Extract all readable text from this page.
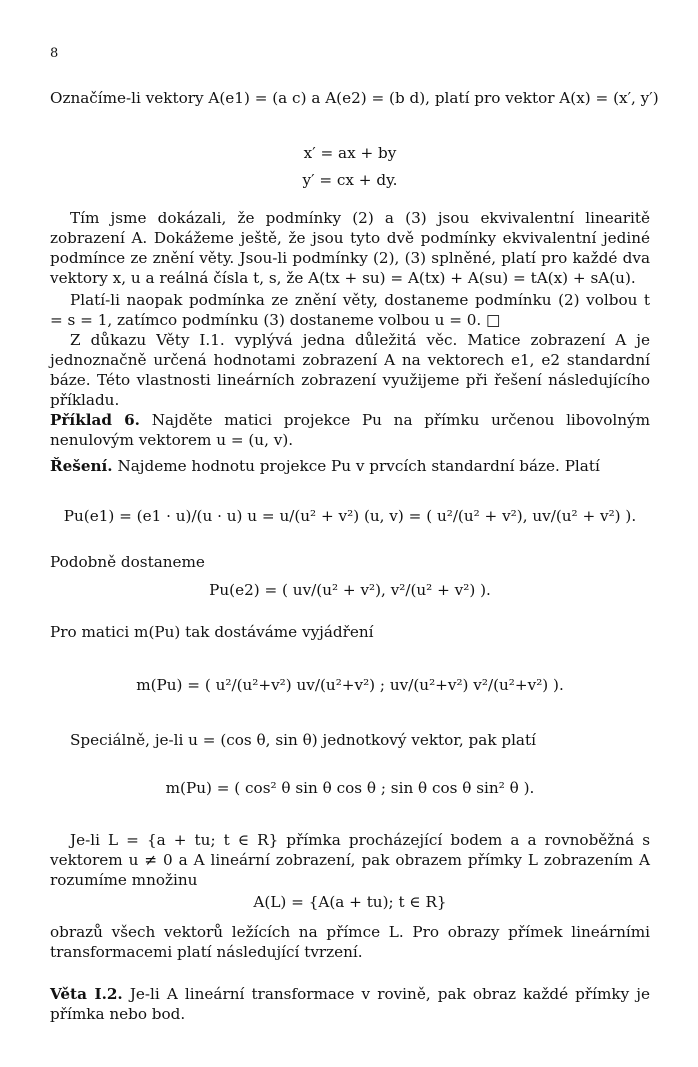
8
Označíme-li vektory A(e1) = (a c) a A(e2) = (b d), platí pro vektor A(x) = (x′, y′)
x′ = ax + by
y′ = cx + dy.
Tím jsme dokázali, že podmínky (2) a (3) jsou ekvivalentní linearitě zobrazení A. Dokážeme ještě, že jsou tyto dvě podmínky ekvivalentní jediné podmínce ze znění věty. Jsou-li podmínky (2), (3) splněné, platí pro každé dva vektory x, u a reálná čísla t, s, že A(tx + su) = A(tx) + A(su) = tA(x) + sA(u).
Platí-li naopak podmínka ze znění věty, dostaneme podmínku (2) volbou t = s = 1, zatímco podmínku (3) dostaneme volbou u = 0. □
Z důkazu Věty I.1. vyplývá jedna důležitá věc. Matice zobrazení A je jednoznačně určená hodnotami zobrazení A na vektorech e1, e2 standardní báze. Této vlastnosti lineárních zobrazení využijeme při řešení následujícího příkladu.
Příklad 6. Najděte matici projekce Pu na přímku určenou libovolným nenulovým vektorem u = (u, v).
Řešení. Najdeme hodnotu projekce Pu v prvcích standardní báze. Platí
Pu(e1) = (e1 · u)/(u · u) u = u/(u² + v²) (u, v) = ( u²/(u² + v²), uv/(u² + v²) ).
Podobně dostaneme
Pu(e2) = ( uv/(u² + v²), v²/(u² + v²) ).
Pro matici m(Pu) tak dostáváme vyjádření
m(Pu) = ( u²/(u²+v²) uv/(u²+v²) ; uv/(u²+v²) v²/(u²+v²) ).
Speciálně, je-li u = (cos θ, sin θ) jednotkový vektor, pak platí
m(Pu) = ( cos² θ sin θ cos θ ; sin θ cos θ sin² θ ).
Je-li L = {a + tu; t ∈ R} přímka procházející bodem a a rovnoběžná s vektorem u ≠ 0 a A lineární zobrazení, pak obrazem přímky L zobrazením A rozumíme množinu
A(L) = {A(a + tu); t ∈ R}
obrazů všech vektorů ležících na přímce L. Pro obrazy přímek lineárními transformacemi platí následující tvrzení.
Věta I.2. Je-li A lineární transformace v rovině, pak obraz každé přímky je přímka nebo bod.
